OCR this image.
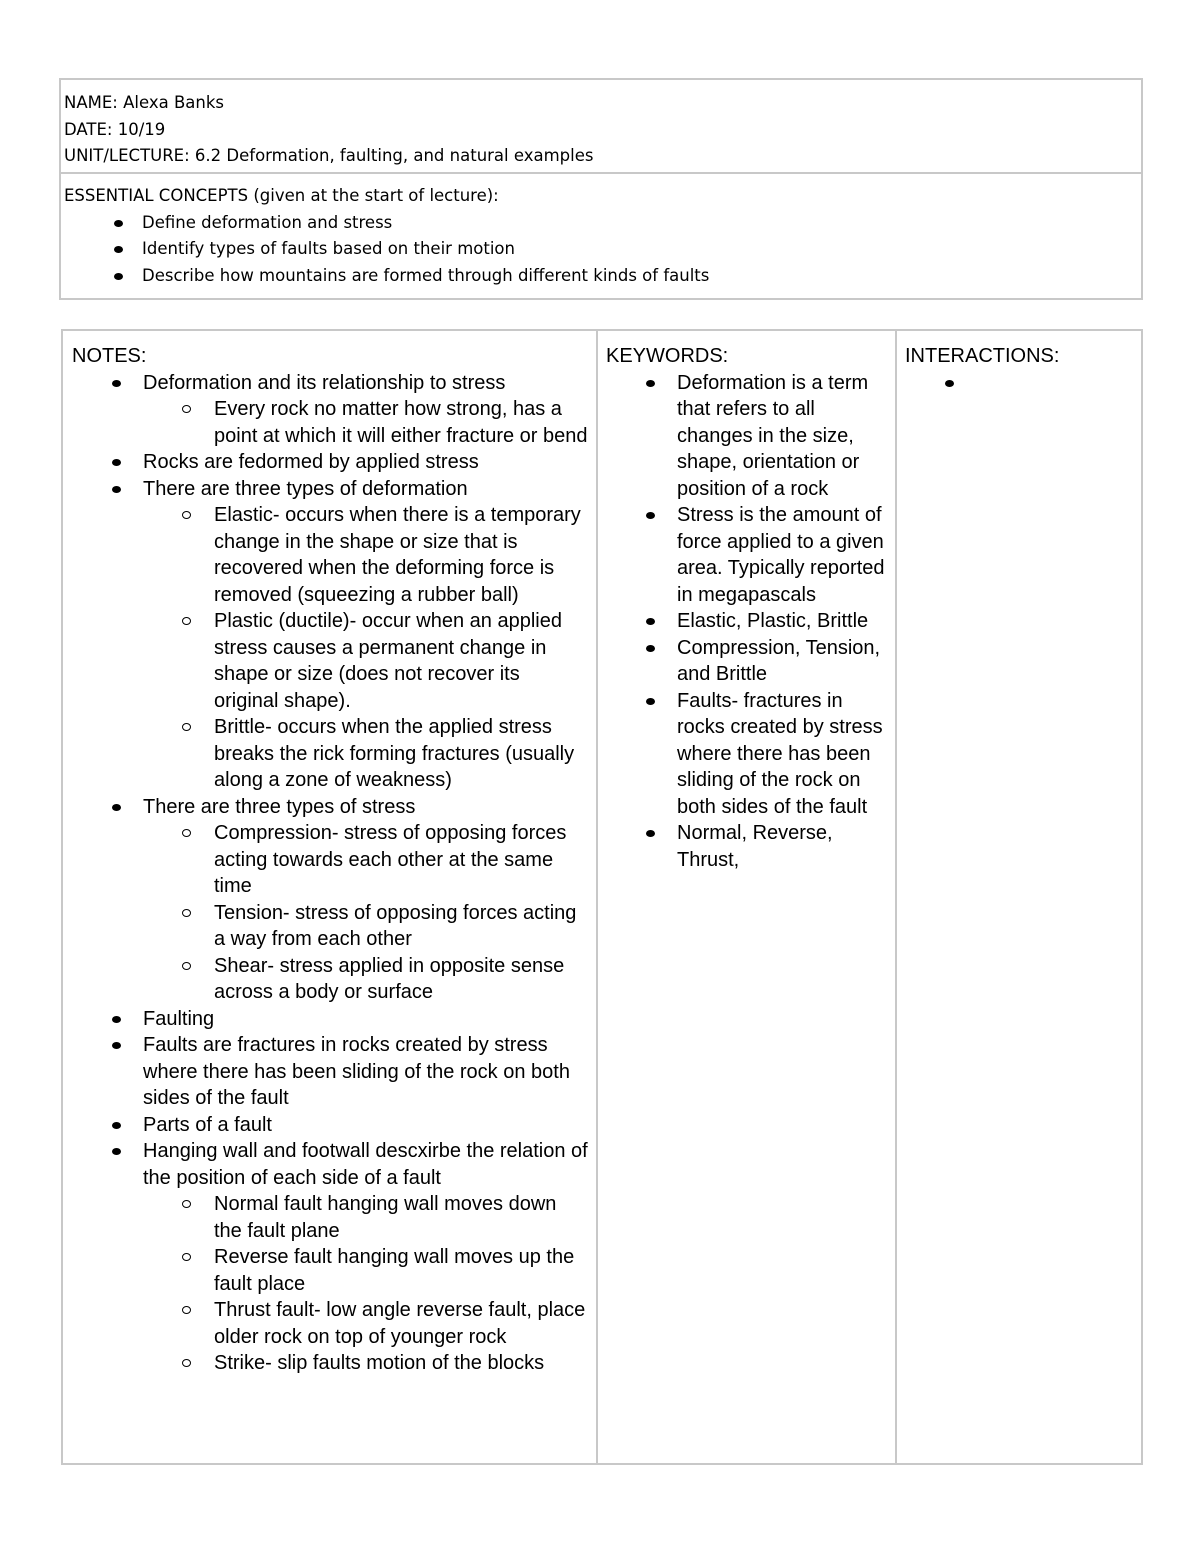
NAME: Alexa Banks
DATE: 10/19
UNIT/LECTURE: 6.2 Deformation, faulting, and natural examples
ESSENTIAL CONCEPTS (given at the start of lecture):
Define deformation and stress
Identify types of faults based on their motion
Describe how mountains are formed through different kinds of faults
NOTES:
Deformation and its relationship to stress
Every rock no matter how strong, has a point at which it will either fracture or bend
Rocks are fedormed by applied stress
There are three types of deformation
Elastic- occurs when there is a temporary change in the shape or size that is recovered when the deforming force is removed (squeezing a rubber ball)
Plastic (ductile)- occur when an applied stress causes a permanent change in shape or size (does not recover its original shape).
Brittle- occurs when the applied stress breaks the rick forming fractures (usually along a zone of weakness)
There are three types of stress
Compression- stress of opposing forces acting towards each other at the same time
Tension- stress of opposing forces acting a way from each other
Shear- stress applied in opposite sense across a body or surface
Faulting
Faults are fractures in rocks created by stress where there has been sliding of the rock on both sides of the fault
Parts of a fault
Hanging wall and footwall descxirbe the relation of the position of each side of a fault
Normal fault hanging wall moves down the fault plane
Reverse fault hanging wall moves up the fault place
Thrust fault- low angle reverse fault, place older rock on top of younger rock
Strike- slip faults motion of the blocks
KEYWORDS:
Deformation is a term that refers to all changes in the size, shape, orientation or position of a rock
Stress is the amount of force applied to a given area. Typically reported in megapascals
Elastic, Plastic, Brittle
Compression, Tension, and Brittle
Faults- fractures in rocks created by stress where there has been sliding of the rock on both sides of the fault
Normal, Reverse, Thrust,
INTERACTIONS:
